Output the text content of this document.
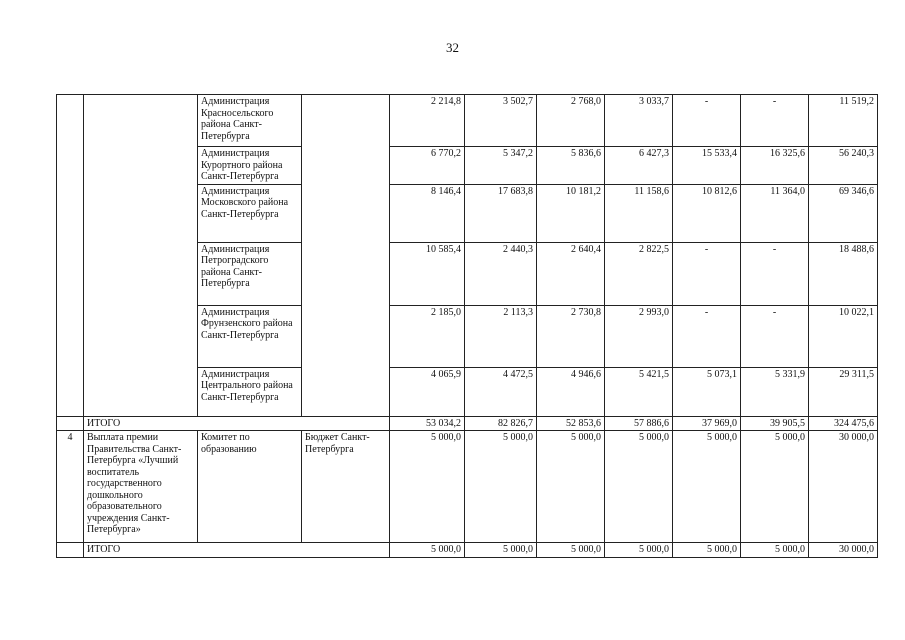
32
		Администрация Красносельского района Санкт-Петербурга		2 214,8	3 502,7	2 768,0	3 033,7	-	-	11 519,2
		Администрация Курортного района Санкт-Петербурга		6 770,2	5 347,2	5 836,6	6 427,3	15 533,4	16 325,6	56 240,3
		Администрация Московского района Санкт-Петербурга		8 146,4	17 683,8	10 181,2	11 158,6	10 812,6	11 364,0	69 346,6
		Администрация Петроградского района Санкт-Петербурга		10 585,4	2 440,3	2 640,4	2 822,5	-	-	18 488,6
		Администрация Фрунзенского района Санкт-Петербурга		2 185,0	2 113,3	2 730,8	2 993,0	-	-	10 022,1
		Администрация Центрального района Санкт-Петербурга		4 065,9	4 472,5	4 946,6	5 421,5	5 073,1	5 331,9	29 311,5
	ИТОГО			53 034,2	82 826,7	52 853,6	57 886,6	37 969,0	39 905,5	324 475,6
4	Выплата премии Правительства Санкт-Петербурга «Лучший воспитатель государственного дошкольного образовательного учреждения Санкт-Петербурга»	Комитет по образованию	Бюджет Санкт-Петербурга	5 000,0	5 000,0	5 000,0	5 000,0	5 000,0	5 000,0	30 000,0
	ИТОГО			5 000,0	5 000,0	5 000,0	5 000,0	5 000,0	5 000,0	30 000,0
